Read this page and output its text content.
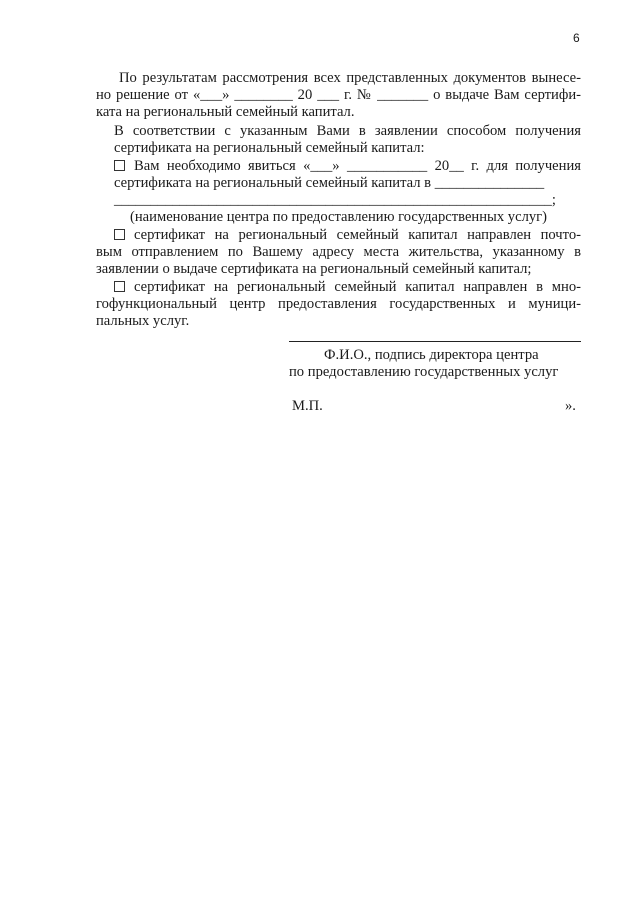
6
По результатам рассмотрения всех представленных документов вынесе-
но решение от «___» ________ 20 ___ г. № _______ о выдаче Вам сертифи-
ката на региональный семейный капитал.
В соответствии с указанным Вами в заявлении способом получения
сертификата на региональный семейный капитал:
Вам необходимо явиться «___» ___________ 20__ г. для получения
сертификата на региональный семейный капитал в _______________
____________________________________________________________;
(наименование центра по предоставлению государственных услуг)
сертификат на региональный семейный капитал направлен почто-
вым отправлением по Вашему адресу места жительства, указанному в
заявлении о выдаче сертификата на региональный семейный капитал;
сертификат на региональный семейный капитал направлен в мно-
гофункциональный центр предоставления государственных и муници-
пальных услуг.
Ф.И.О., подпись директора центра
по предоставлению государственных услуг
М.П.	».
